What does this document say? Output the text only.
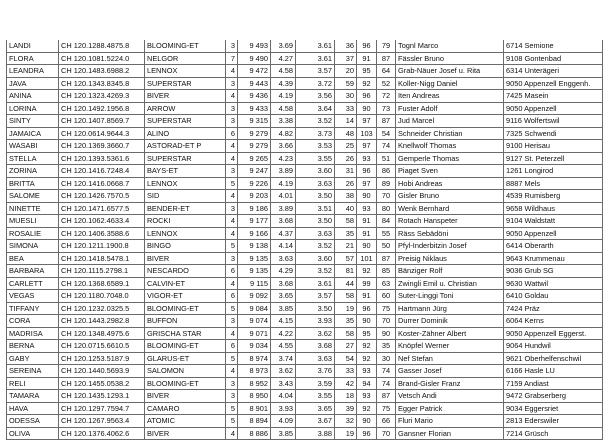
LANDI	CH 120.1288.4875.8	BLOOMING-ET	3	9 493	3.69	3.61	36	96	79	Tognl Marco	6714 Semione
FLORA	CH 120.1081.5224.0	NELGOR	7	9 490	4.27	3.61	37	91	87	Fässler Bruno	9108 Gontenbad
LEANDRA	CH 120.1483.6988.2	LENNOX	4	9 472	4.58	3.57	20	95	64	Grab-Näuer Josef u. Rita	6314 Unterägeri
JAVA	CH 120.1343.8345.8	SUPERSTAR	3	9 443	4.39	3.72	59	92	52	Koller-Nigg Daniel	9050 Appenzell Enggenh.
ANINA	CH 120.1323.4269.3	BIVER	4	9 436	4.19	3.56	30	96	72	Iten Andreas	7425 Masein
LORINA	CH 120.1492.1956.8	ARROW	3	9 433	4.58	3.64	33	90	73	Fuster Adolf	9050 Appenzell
SINTY	CH 120.1407.8569.7	SUPERSTAR	3	9 315	3.38	3.52	14	97	87	Jud Marcel	9116 Wolfertswil
JAMAICA	CH 120.0614.9644.3	ALINO	6	9 279	4.82	3.73	48	103	54	Schneider Christian	7325 Schwendi
WASABI	CH 120.1369.3660.7	ASTORAD-ET P	4	9 279	3.66	3.53	25	97	74	Knellwolf Thomas	9100 Herisau
STELLA	CH 120.1393.5361.6	SUPERSTAR	4	9 265	4.23	3.55	26	93	51	Gemperle Thomas	9127 St. Peterzell
ZORINA	CH 120.1416.7248.4	BAYS-ET	3	9 247	3.89	3.60	31	96	86	Piaget Sven	1261 Longirod
BRITTA	CH 120.1416.0668.7	LENNOX	5	9 226	4.19	3.63	26	97	89	Hobi Andreas	8887 Mels
SALOME	CH 120.1426.7570.5	SID	4	9 203	4.01	3.50	38	90	70	Gisler Bruno	4539 Rumisberg
NINETTE	CH 120.1471.6577.5	BENDER-ET	3	9 186	3.89	3.51	40	93	80	Wenk Bernhard	9658 Wildhaus
MUESLI	CH 120.1062.4633.4	ROCKI	4	9 177	3.68	3.50	58	91	84	Rotach Hanspeter	9104 Waldstatt
ROSALIE	CH 120.1406.3588.6	LENNOX	4	9 166	4.37	3.63	35	91	55	Räss Sebädöni	9050 Appenzell
SIMONA	CH 120.1211.1900.8	BINGO	5	9 138	4.14	3.52	21	90	50	Pfyl-Inderbitzin Josef	6414 Oberarth
BEA	CH 120.1418.5478.1	BIVER	3	9 135	3.63	3.60	57	101	87	Preisig Niklaus	9643 Krummenau
BARBARA	CH 120.1115.2798.1	NESCARDO	6	9 135	4.29	3.52	81	92	85	Bänziger Rolf	9036 Grub SG
CARLETT	CH 120.1368.6589.1	CALVIN-ET	4	9 115	3.68	3.61	44	99	63	Zwingli Emil u. Christian	9630 Wattwil
VEGAS	CH 120.1180.7048.0	VIGOR-ET	6	9 092	3.65	3.57	58	91	60	Suter-Linggi Toni	6410 Goldau
TIFFANY	CH 120.1232.0325.5	BLOOMING-ET	5	9 084	3.85	3.50	19	96	75	Hartmann Jürg	7424 Präz
CORA	CH 120.1443.2982.8	BUFFON	3	9 074	4.15	3.93	35	90	70	Durrer Dominik	6064 Kerns
MADRISA	CH 120.1348.4975.6	GRISCHA STAR	4	9 071	4.22	3.62	58	95	90	Koster-Zähner Albert	9050 Appenzell Eggerst.
BERNA	CH 120.0715.6610.5	BLOOMING-ET	6	9 034	4.55	3.68	27	92	35	Knöpfel Werner	9064 Hundwil
GABY	CH 120.1253.5187.9	GLARUS-ET	5	8 974	3.74	3.63	54	92	30	Nef Stefan	9621 Oberhelfenschwil
SEREINA	CH 120.1440.5693.9	SALOMON	4	8 973	3.62	3.76	33	93	74	Gasser Josef	6166 Hasle LU
RELI	CH 120.1455.0538.2	BLOOMING-ET	3	8 952	3.43	3.59	42	94	74	Brand-Gisler Franz	7159 Andiast
TAMARA	CH 120.1435.1293.1	BIVER	3	8 950	4.04	3.55	18	93	87	Vetsch Andi	9472 Grabserberg
HAVA	CH 120.1297.7594.7	CAMARO	5	8 901	3.93	3.65	39	92	75	Egger Patrick	9034 Eggersriet
ODESSA	CH 120.1267.9563.4	ATOMIC	5	8 894	4.09	3.67	32	90	66	Fluri Mario	2813 Ederswiler
OLIVA	CH 120.1376.4062.6	BIVER	4	8 886	3.85	3.88	19	96	70	Gansner Florian	7214 Grüsch
